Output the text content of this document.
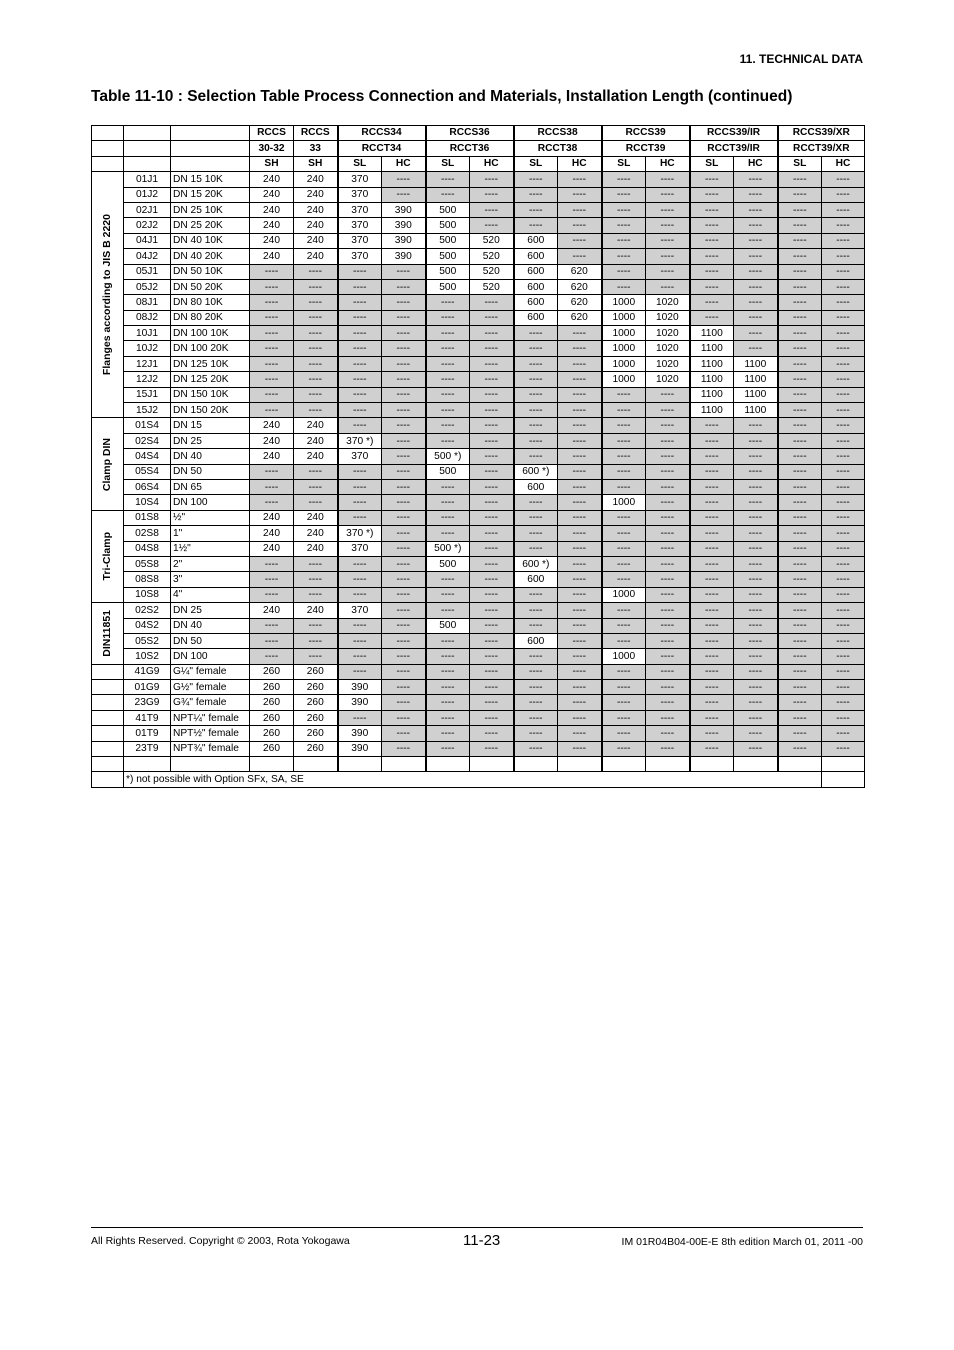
11. TECHNICAL DATA
Table 11-10 : Selection Table Process Connection and Materials, Installation Length (continued)
			RCCS	RCCS	RCCS34		RCCS36		RCCS38		RCCS39		RCCS39/IR		RCCS39/XR	
			30-32	33	RCCT34		RCCT36		RCCT38		RCCT39		RCCT39/IR		RCCT39/XR	
			SH	SH	SL	HC	SL	HC	SL	HC	SL	HC	SL	HC	SL	HC

Flanges according to JIS B 2220	01J1	DN 15 10K	240	240	370	----	----	----	----	----	----	----	----	----	----	----
	01J2	DN 15 20K	240	240	370	----	----	----	----	----	----	----	----	----	----	----
	02J1	DN 25 10K	240	240	370	390	500	----	----	----	----	----	----	----	----	----
	02J2	DN 25 20K	240	240	370	390	500	----	----	----	----	----	----	----	----	----
	04J1	DN 40 10K	240	240	370	390	500	520	600	----	----	----	----	----	----	----
	04J2	DN 40 20K	240	240	370	390	500	520	600	----	----	----	----	----	----	----
	05J1	DN 50 10K	----	----	----	----	500	520	600	620	----	----	----	----	----	----
	05J2	DN 50 20K	----	----	----	----	500	520	600	620	----	----	----	----	----	----
	08J1	DN 80 10K	----	----	----	----	----	----	600	620	1000	1020	----	----	----	----
	08J2	DN 80 20K	----	----	----	----	----	----	600	620	1000	1020	----	----	----	----
	10J1	DN 100 10K	----	----	----	----	----	----	----	----	1000	1020	1100	----	----	----
	10J2	DN 100 20K	----	----	----	----	----	----	----	----	1000	1020	1100	----	----	----
	12J1	DN 125 10K	----	----	----	----	----	----	----	----	1000	1020	1100	1100	----	----
	12J2	DN 125 20K	----	----	----	----	----	----	----	----	1000	1020	1100	1100	----	----
	15J1	DN 150 10K	----	----	----	----	----	----	----	----	----	----	1100	1100	----	----
	15J2	DN 150 20K	----	----	----	----	----	----	----	----	----	----	1100	1100	----	----

Clamp DIN	01S4	DN 15	240	240	----	----	----	----	----	----	----	----	----	----	----	----
	02S4	DN 25	240	240	370 *)	----	----	----	----	----	----	----	----	----	----	----
	04S4	DN 40	240	240	370	----	500 *)	----	----	----	----	----	----	----	----	----
	05S4	DN 50	----	----	----	----	500	----	600 *)	----	----	----	----	----	----	----
	06S4	DN 65	----	----	----	----	----	----	600	----	----	----	----	----	----	----
	10S4	DN 100	----	----	----	----	----	----	----	----	1000	----	----	----	----	----

Tri-Clamp	01S8	½"	240	240	----	----	----	----	----	----	----	----	----	----	----	----
	02S8	1"	240	240	370 *)	----	----	----	----	----	----	----	----	----	----	----
	04S8	1½"	240	240	370	----	500 *)	----	----	----	----	----	----	----	----	----
	05S8	2"	----	----	----	----	500	----	600 *)	----	----	----	----	----	----	----
	08S8	3"	----	----	----	----	----	----	600	----	----	----	----	----	----	----
	10S8	4"	----	----	----	----	----	----	----	----	1000	----	----	----	----	----

DIN11851	02S2	DN 25	240	240	370	----	----	----	----	----	----	----	----	----	----	----
	04S2	DN 40	----	----	----	----	500	----	----	----	----	----	----	----	----	----
	05S2	DN 50	----	----	----	----	----	----	600	----	----	----	----	----	----	----
	10S2	DN 100	----	----	----	----	----	----	----	----	1000	----	----	----	----	----
	41G9	G¼" female	260	260	----	----	----	----	----	----	----	----	----	----	----	----
	01G9	G½" female	260	260	390	----	----	----	----	----	----	----	----	----	----	----
	23G9	G¾" female	260	260	390	----	----	----	----	----	----	----	----	----	----	----
	41T9	NPT¼" female	260	260	----	----	----	----	----	----	----	----	----	----	----	----
	01T9	NPT½" female	260	260	390	----	----	----	----	----	----	----	----	----	----	----
	23T9	NPT¾" female	260	260	390	----	----	----	----	----	----	----	----	----	----	----

	*) not possible with Option SFx, SA, SE															
All Rights Reserved. Copyright © 2003, Rota Yokogawa	11-23	IM 01R04B04-00E-E 8th edition March 01, 2011 -00
